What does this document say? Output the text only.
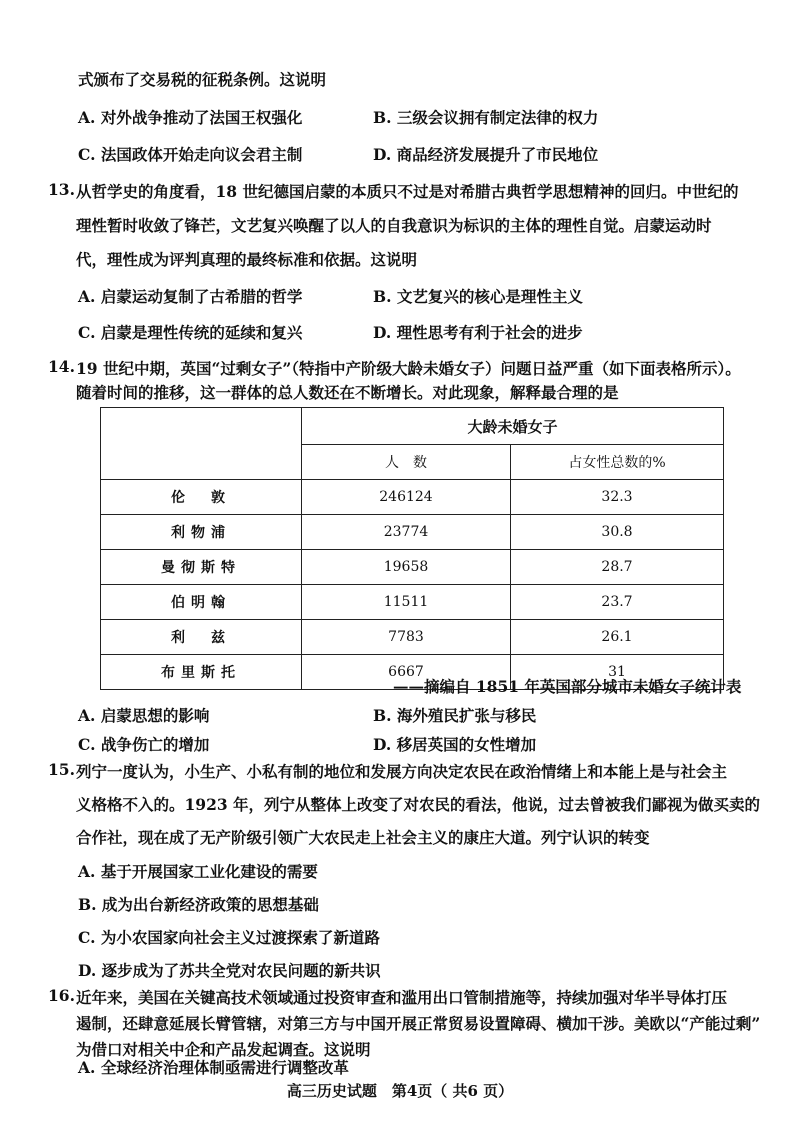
式颁布了交易税的征税条例。这说明
A. 对外战争推动了法国王权强化	B. 三级会议拥有制定法律的权力
C. 法国政体开始走向议会君主制	D. 商品经济发展提升了市民地位
13. 从哲学史的角度看，18 世纪德国启蒙的本质只不过是对希腊古典哲学思想精神的回归。中世纪的
理性暂时收敛了锋芒，文艺复兴唤醒了以人的自我意识为标识的主体的理性自觉。启蒙运动时
代，理性成为评判真理的最终标准和依据。这说明
A. 启蒙运动复制了古希腊的哲学	B. 文艺复兴的核心是理性主义
C. 启蒙是理性传统的延续和复兴	D. 理性思考有利于社会的进步
14. 19 世纪中期，英国“过剩女子”（特指中产阶级大龄未婚女子）问题日益严重（如下面表格所示）。
随着时间的推移，这一群体的总人数还在不断增长。对此现象，解释最合理的是
	大龄未婚女子	
	人　数	占女性总数的%
伦　敦	246124	32.3
利物浦	23774	30.8
曼彻斯特	19658	28.7
伯明翰	11511	23.7
利　兹	7783	26.1
布里斯托	6667	31
——摘编自 1851 年英国部分城市未婚女子统计表
A. 启蒙思想的影响	B. 海外殖民扩张与移民
C. 战争伤亡的增加	D. 移居英国的女性增加
15. 列宁一度认为，小生产、小私有制的地位和发展方向决定农民在政治情绪上和本能上是与社会主
义格格不入的。1923 年，列宁从整体上改变了对农民的看法，他说，过去曾被我们鄙视为做买卖的
合作社，现在成了无产阶级引领广大农民走上社会主义的康庄大道。列宁认识的转变
A. 基于开展国家工业化建设的需要
B. 成为出台新经济政策的思想基础
C. 为小农国家向社会主义过渡探索了新道路
D. 逐步成为了苏共全党对农民问题的新共识
16. 近年来，美国在关键高技术领域通过投资审查和滥用出口管制措施等，持续加强对华半导体打压
遏制，还肆意延展长臂管辖，对第三方与中国开展正常贸易设置障碍、横加干涉。美欧以“产能过剩”
为借口对相关中企和产品发起调查。这说明
A. 全球经济治理体制亟需进行调整改革
高三历史试题　第4页（ 共6 页）
